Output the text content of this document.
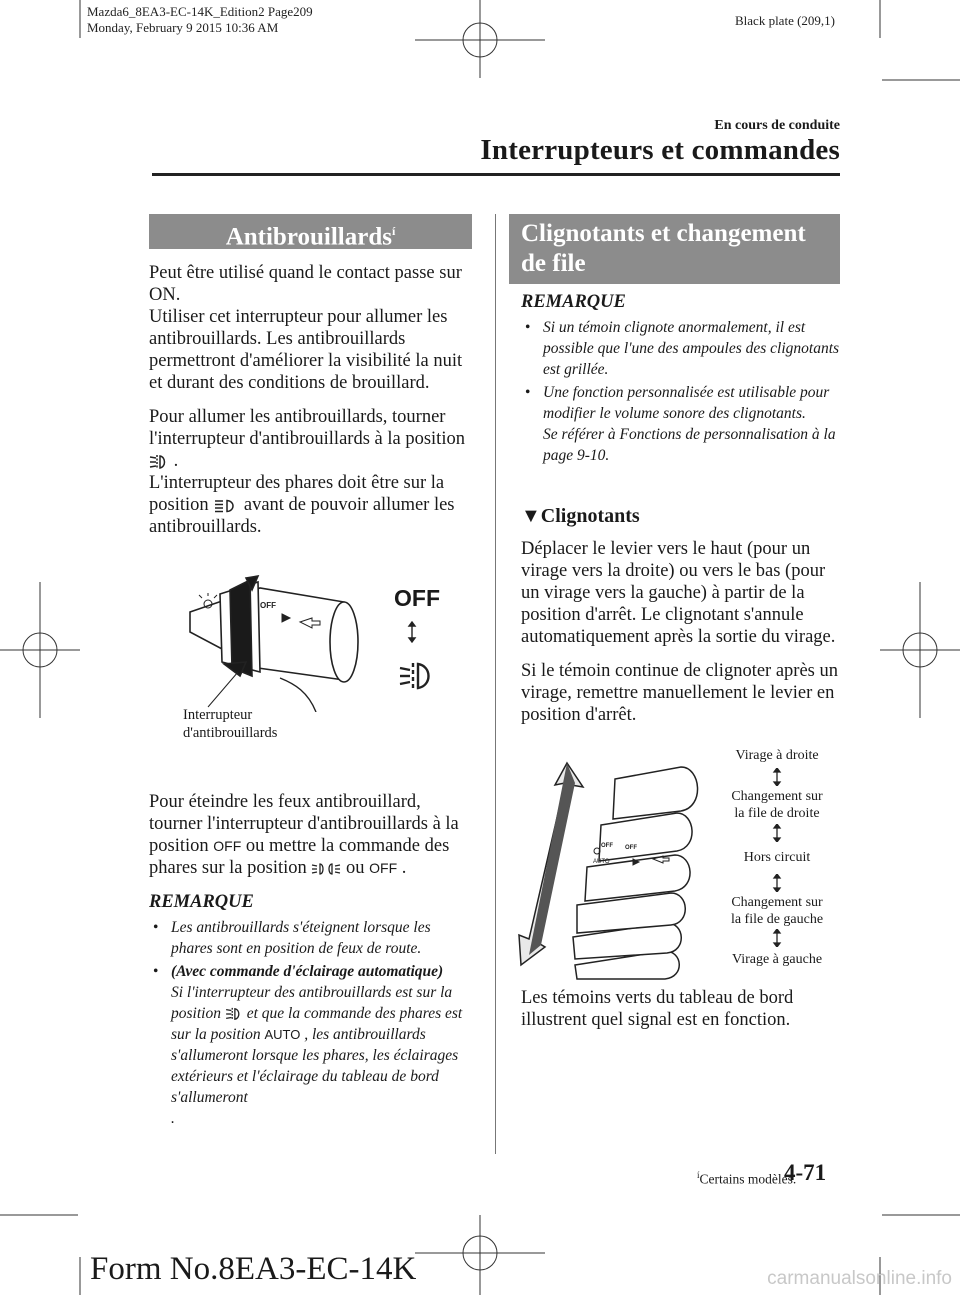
Mazda6_8EA3-EC-14K_Edition2 Page209
Monday, February 9 2015 10:36 AM	Black plate (209,1)
En cours de conduite
Interrupteurs et commandes
Antibrouillards$^í$

Peut être utilisé quand le contact passe sur ON.

Utiliser cet interrupteur pour allumer les antibrouillards. Les antibrouillards permettront d'améliorer la visibilité la nuit et durant des conditions de brouillard.

Pour allumer les antibrouillards, tourner l'interrupteur d'antibrouillards à la position  .

L'interrupteur des phares doit être sur la position avant de pouvoir allumer les antibrouillards.

OFF	OFF
Interrupteur
d'antibrouillards

Pour éteindre les feux antibrouillard, tourner l'interrupteur d'antibrouillards à la position OFF ou mettre la commande des phares sur la position ou OFF .

REMARQUE
• Les antibrouillards s'éteignent lorsque les phares sont en position de feux de route.
• (Avec commande d'éclairage automatique)
Si l'interrupteur des antibrouillards est sur la position et que la commande des phares est sur la position AUTO , les antibrouillards s'allumeront lorsque les phares, les éclairages extérieurs et l'éclairage du tableau de bord s'allumeront
.
Clignotants et changement
de file
REMARQUE
• Si un témoin clignote anormalement, il est possible que l'une des ampoules des clignotants est grillée.
• Une fonction personnalisée est utilisable pour modifier le volume sonore des clignotants.
Se référer à Fonctions de personnalisation à la page 9-10.
▼Clignotants

Déplacer le levier vers le haut (pour un virage vers la droite) ou vers le bas (pour un virage vers la gauche) à partir de la position d'arrêt. Le clignotant s'annule automatiquement après la sortie du virage.

Si le témoin continue de clignoter après un virage, remettre manuellement le levier en position d'arrêt.

AUTO
OFF OFF
Virage à droite
Changement sur
la file de droite
Hors circuit
Changement sur
la file de gauche
Virage à gauche

Les témoins verts du tableau de bord illustrent quel signal est en fonction.

$^í$Certains modèles.
4-71
Form No.8EA3-EC-14K	carmanualsonline.info
